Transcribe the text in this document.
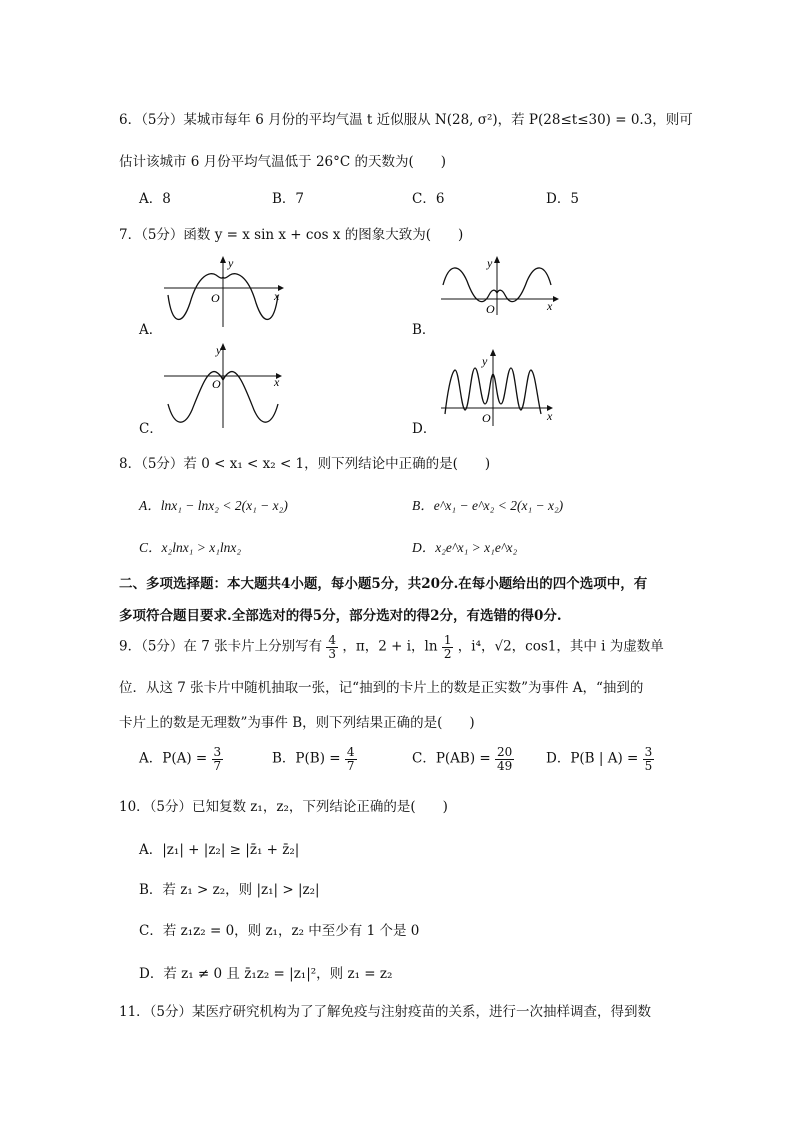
6．（5分）某城市每年 6 月份的平均气温 t 近似服从 N(28, σ²)，若 P(28≤t≤30) = 0.3，则可
估计该城市 6 月份平均气温低于 26°C 的天数为(　　)
A．8	B．7	C．6	D．5
7．（5分）函数 y = x sin x + cos x 的图象大致为(　　)
A．
y
x
O
B．
y
x
O
C．
y
x
O
D．
y
x
O
8．（5分）若 0 < x₁ < x₂ < 1，则下列结论中正确的是(　　)
A．lnx₁ − lnx₂ < 2(x₁ − x₂)	B．e^x₁ − e^x₂ < 2(x₁ − x₂)
C．x₂lnx₁ > x₁lnx₂	D．x₂e^x₁ > x₁e^x₂
二、多项选择题：本大题共4小题，每小题5分，共20分.在每小题给出的四个选项中，有
多项符合题目要求.全部选对的得5分，部分选对的得2分，有选错的得0分.
9．（5分）在 7 张卡片上分别写有 $\frac{4}{3}$ ，π，2 + i，$\ln \frac{1}{2}$ ，i⁴，√2，cos1，其中 i 为虚数单
位．从这 7 张卡片中随机抽取一张，记“抽到的卡片上的数是正实数”为事件 A，“抽到的
卡片上的数是无理数”为事件 B，则下列结果正确的是(　　)
A．$P(A) = \frac{3}{7}$	B．$P(B) = \frac{4}{7}$	C．$P(AB) = \frac{20}{49}$ D．P(B | $A) = \frac{3}{5}$
10．（5分）已知复数 z₁，z₂，下列结论正确的是(　　)
A．|z₁| + |z₂| ≥ |z̄₁ + z̄₂|
B．若 z₁ > z₂，则 |z₁| > |z₂|
C．若 z₁z₂ = 0，则 z₁，z₂ 中至少有 1 个是 0
D．若 z₁ ≠ 0 且 z̄₁z₂ = |z₁|²，则 z₁ = z₂
11．（5分）某医疗研究机构为了了解免疫与注射疫苗的关系，进行一次抽样调查，得到数
